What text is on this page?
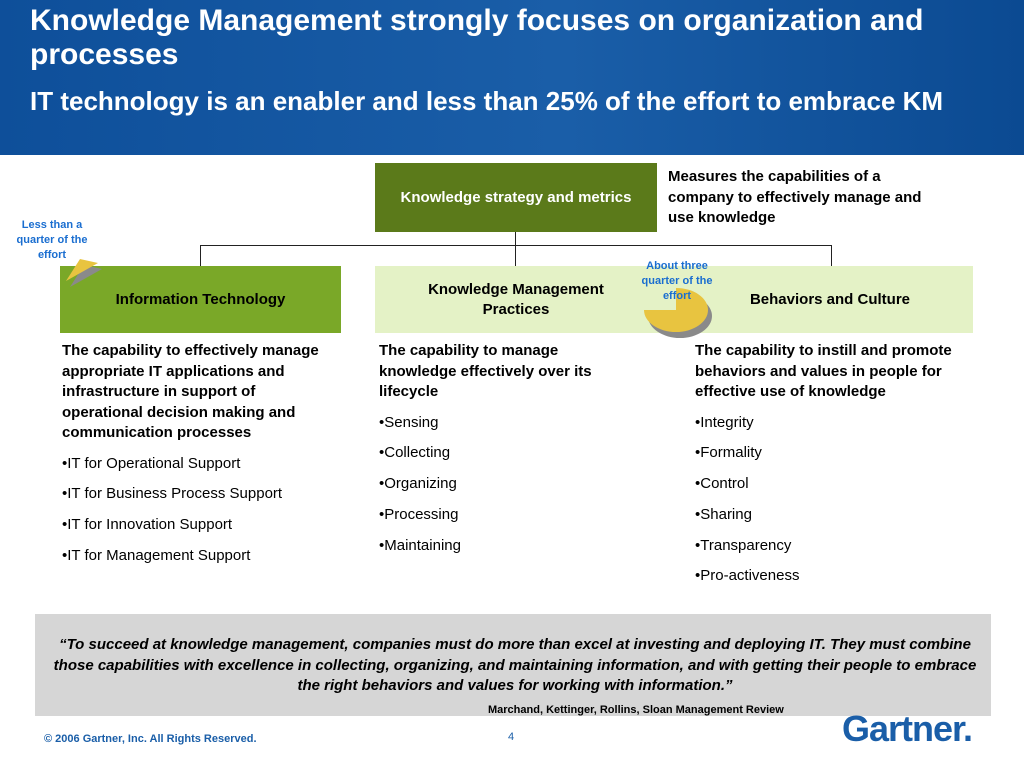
Knowledge Management strongly focuses on organization and processes
IT technology is an enabler and less than 25% of the effort to embrace KM
Knowledge strategy and metrics
Measures the capabilities of a company to effectively manage and use knowledge
Information Technology
Knowledge Management Practices
Behaviors and Culture
Less than a quarter of the effort
About three quarter of the effort

The capability to effectively manage appropriate IT applications and infrastructure in support of operational decision making and communication processes

•IT for Operational Support

•IT for Business Process Support

•IT for Innovation Support

•IT for Management Support

The capability to manage knowledge effectively over its lifecycle

•Sensing

•Collecting

•Organizing

•Processing

•Maintaining

The capability to instill and promote behaviors and values in people for effective use of knowledge

•Integrity

•Formality

•Control

•Sharing

•Transparency

•Pro-activeness

“To succeed at knowledge management, companies must do more than excel at investing and deploying IT. They must combine those capabilities with excellence in collecting, organizing, and maintaining information, and with getting their people to embrace the right behaviors and values for working with information.”
Marchand, Kettinger, Rollins, Sloan Management Review
© 2006 Gartner, Inc. All Rights Reserved.	4	Gartner.
